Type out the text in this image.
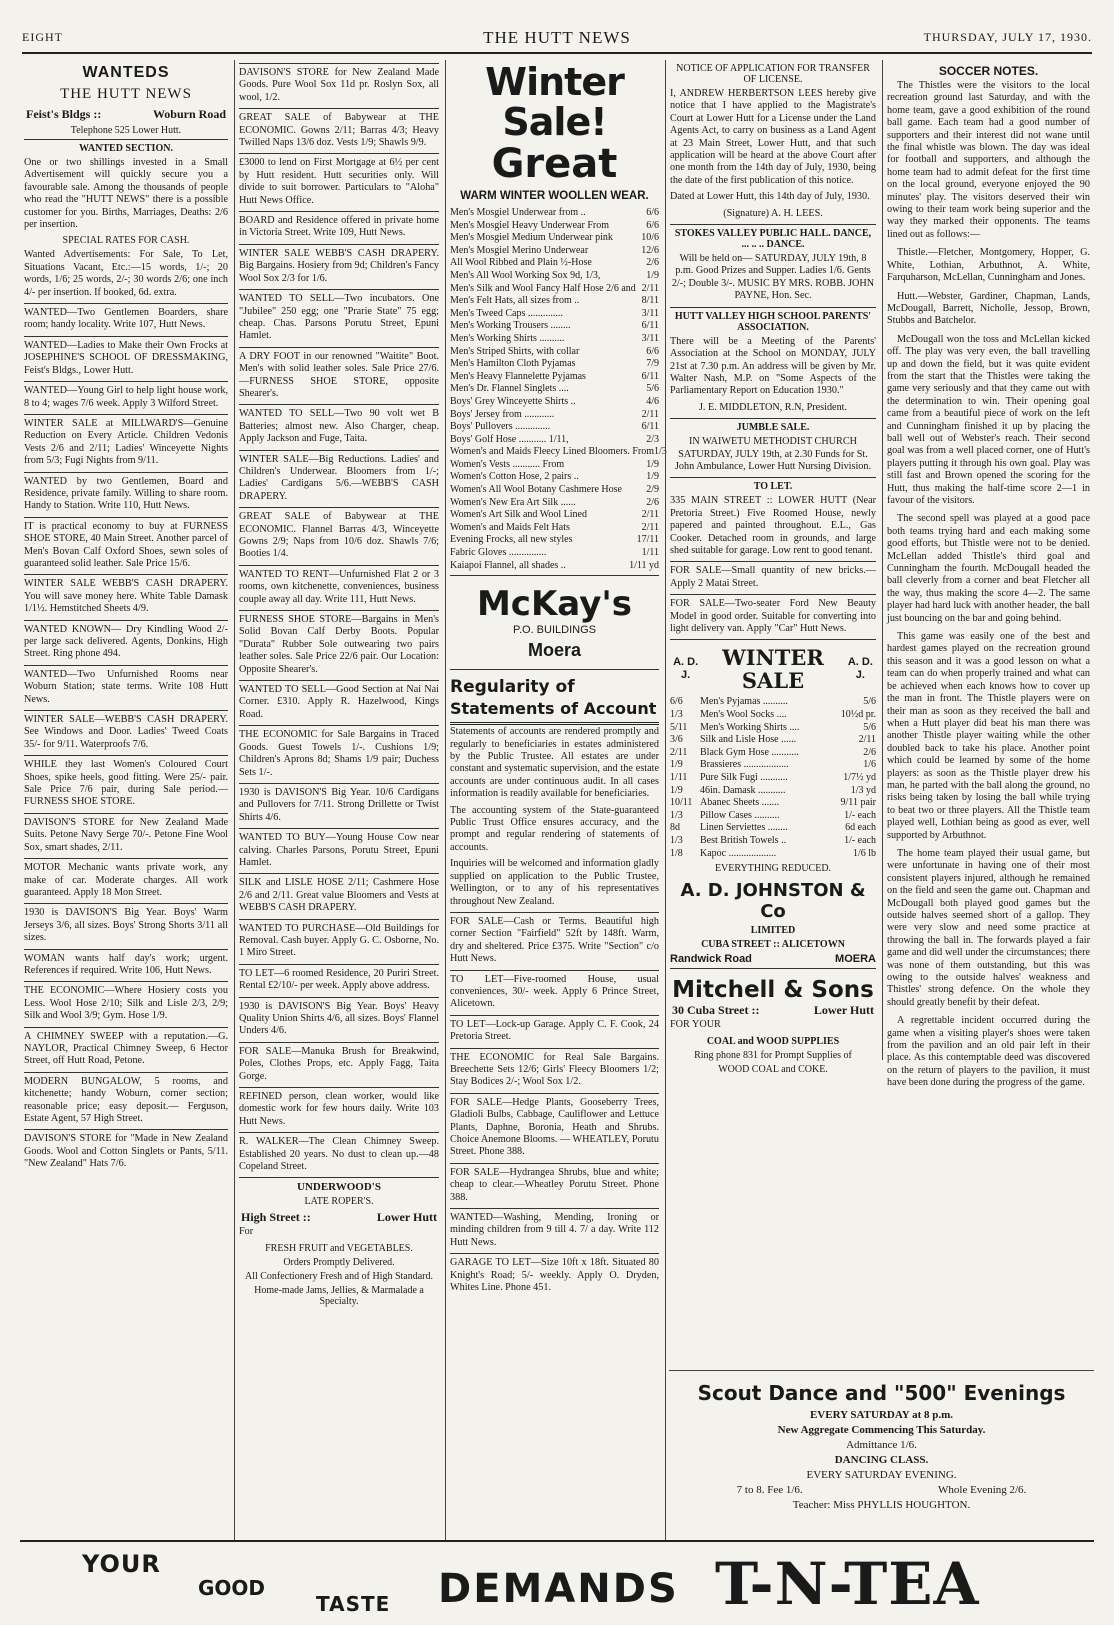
EIGHT	THE HUTT NEWS	THURSDAY, JULY 17, 1930.
WANTEDS
THE HUTT NEWS
Feist's Bldgs ::	Woburn Road
Telephone 525 Lower Hutt.
WANTED SECTION.

One or two shillings invested in a Small Advertisement will quickly secure you a favourable sale. Among the thousands of people who read the "HUTT NEWS" there is a possible customer for you. Births, Marriages, Deaths: 2/6 per insertion.

SPECIAL RATES FOR CASH.

Wanted Advertisements: For Sale, To Let, Situations Vacant, Etc.:—15 words, 1/-; 20 words, 1/6; 25 words, 2/-; 30 words 2/6; one inch 4/- per insertion. If booked, 6d. extra.

WANTED—Two Gentlemen Boarders, share room; handy locality. Write 107, Hutt News.

WANTED—Ladies to Make their Own Frocks at JOSEPHINE'S SCHOOL OF DRESSMAKING, Feist's Bldgs., Lower Hutt.

WANTED—Young Girl to help light house work, 8 to 4; wages 7/6 week. Apply 3 Wilford Street.

WINTER SALE at MILLWARD'S—Genuine Reduction on Every Article. Children Vedonis Vests 2/6 and 2/11; Ladies' Winceyette Nights from 5/3; Fugi Nights from 9/11.

WANTED by two Gentlemen, Board and Residence, private family. Willing to share room. Handy to Station. Write 110, Hutt News.

IT is practical economy to buy at FURNESS SHOE STORE, 40 Main Street. Another parcel of Men's Bovan Calf Oxford Shoes, sewn soles of guaranteed solid leather. Sale Price 15/6.

WINTER SALE WEBB'S CASH DRAPERY. You will save money here. White Table Damask 1/1½. Hemstitched Sheets 4/9.

WANTED KNOWN— Dry Kindling Wood 2/- per large sack delivered. Agents, Donkins, High Street. Ring phone 494.

WANTED—Two Unfurnished Rooms near Woburn Station; state terms. Write 108 Hutt News.

WINTER SALE—WEBB'S CASH DRAPERY. See Windows and Door. Ladies' Tweed Coats 35/- for 9/11. Waterproofs 7/6.

WHILE they last Women's Coloured Court Shoes, spike heels, good fitting. Were 25/- pair. Sale Price 7/6 pair, during Sale period.—FURNESS SHOE STORE.

DAVISON'S STORE for New Zealand Made Suits. Petone Navy Serge 70/-. Petone Fine Wool Sox, smart shades, 2/11.

MOTOR Mechanic wants private work, any make of car. Moderate charges. All work guaranteed. Apply 18 Mon Street.

1930 is DAVISON'S Big Year. Boys' Warm Jerseys 3/6, all sizes. Boys' Strong Shorts 3/11 all sizes.

WOMAN wants half day's work; urgent. References if required. Write 106, Hutt News.

THE ECONOMIC—Where Hosiery costs you Less. Wool Hose 2/10; Silk and Lisle 2/3, 2/9; Silk and Wool 3/9; Gym. Hose 1/9.

A CHIMNEY SWEEP with a reputation.—G. NAYLOR, Practical Chimney Sweep, 6 Hector Street, off Hutt Road, Petone.

MODERN BUNGALOW, 5 rooms, and kitchenette; handy Woburn, corner section; reasonable price; easy deposit.— Ferguson, Estate Agent, 57 High Street.

DAVISON'S STORE for "Made in New Zealand Goods. Wool and Cotton Singlets or Pants, 5/11. "New Zealand" Hats 7/6.

DAVISON'S STORE for New Zealand Made Goods. Pure Wool Sox 11d pr. Roslyn Sox, all wool, 1/2.

GREAT SALE of Babywear at THE ECONOMIC. Gowns 2/11; Barras 4/3; Heavy Twilled Naps 13/6 doz. Vests 1/9; Shawls 9/9.

£3000 to lend on First Mortgage at 6½ per cent by Hutt resident. Hutt securities only. Will divide to suit borrower. Particulars to "Aloha" Hutt News Office.

BOARD and Residence offered in private home in Victoria Street. Write 109, Hutt News.

WINTER SALE WEBB'S CASH DRAPERY. Big Bargains. Hosiery from 9d; Children's Fancy Wool Sox 2/3 for 1/6.

WANTED TO SELL—Two incubators. One "Jubilee" 250 egg; one "Prarie State" 75 egg; cheap. Chas. Parsons Porutu Street, Epuni Hamlet.

A DRY FOOT in our renowned "Waitite" Boot. Men's with solid leather soles. Sale Price 27/6.—FURNESS SHOE STORE, opposite Shearer's.

WANTED TO SELL—Two 90 volt wet B Batteries; almost new. Also Charger, cheap. Apply Jackson and Fuge, Taita.

WINTER SALE—Big Reductions. Ladies' and Children's Underwear. Bloomers from 1/-; Ladies' Cardigans 5/6.—WEBB'S CASH DRAPERY.

GREAT SALE of Babywear at THE ECONOMIC. Flannel Barras 4/3, Winceyette Gowns 2/9; Naps from 10/6 doz. Shawls 7/6; Booties 1/4.

WANTED TO RENT—Unfurnished Flat 2 or 3 rooms, own kitchenette, conveniences, business couple away all day. Write 111, Hutt News.

FURNESS SHOE STORE—Bargains in Men's Solid Bovan Calf Derby Boots. Popular "Durata" Rubber Sole outwearing two pairs leather soles. Sale Price 22/6 pair. Our Location: Opposite Shearer's.

WANTED TO SELL—Good Section at Nai Nai Corner. £310. Apply R. Hazelwood, Kings Road.

THE ECONOMIC for Sale Bargains in Traced Goods. Guest Towels 1/-. Cushions 1/9; Children's Aprons 8d; Shams 1/9 pair; Duchess Sets 1/-.

1930 is DAVISON'S Big Year. 10/6 Cardigans and Pullovers for 7/11. Strong Drillette or Twist Shirts 4/6.

WANTED TO BUY—Young House Cow near calving. Charles Parsons, Porutu Street, Epuni Hamlet.

SILK and LISLE HOSE 2/11; Cashmere Hose 2/6 and 2/11. Great value Bloomers and Vests at WEBB'S CASH DRAPERY.

WANTED TO PURCHASE—Old Buildings for Removal. Cash buyer. Apply G. C. Osborne, No. 1 Miro Street.

TO LET—6 roomed Residence, 20 Puriri Street. Rental £2/10/- per week. Apply above address.

1930 is DAVISON'S Big Year. Boys' Heavy Quality Union Shirts 4/6, all sizes. Boys' Flannel Unders 4/6.

FOR SALE—Manuka Brush for Breakwind, Poles, Clothes Props, etc. Apply Fagg, Taita Gorge.

REFINED person, clean worker, would like domestic work for few hours daily. Write 103 Hutt News.

R. WALKER—The Clean Chimney Sweep. Established 20 years. No dust to clean up.—48 Copeland Street.

UNDERWOOD'S
LATE ROPER'S.
High Street ::	Lower Hutt
For
FRESH FRUIT and VEGETABLES.
Orders Promptly Delivered.
All Confectionery Fresh and of High Standard.
Home-made Jams, Jellies, & Marmalade a Specialty.
Winter Sale!
Great
WARM WINTER WOOLLEN WEAR.
Men's Mosgiel Underwear from ..	6/6
Men's Mosgiel Heavy Underwear From	6/6
Men's Mosgiel Medium Underwear pink	10/6
Men's Mosgiel Merino Underwear	12/6
All Wool Ribbed and Plain ½-Hose	2/6
Men's All Wool Working Sox 9d, 1/3,	1/9
Men's Silk and Wool Fancy Half Hose 2/6 and 2/11
Men's Felt Hats, all sizes from ..	8/11
Men's Tweed Caps ..............	3/11
Men's Working Trousers ........	6/11
Men's Working Shirts ..........	3/11
Men's Striped Shirts, with collar	6/6
Men's Hamilton Cloth Pyjamas	7/9
Men's Heavy Flannelette Pyjamas	6/11
Men's Dr. Flannel Singlets ....	5/6
Boys' Grey Winceyette Shirts ..	4/6
Boys' Jersey from ............	2/11
Boys' Pullovers ..............	6/11
Boys' Golf Hose ........... 1/11,	2/3
Women's and Maids Fleecy Lined Bloomers. From 1/3
Women's Vests ........... From	1/9
Women's Cotton Hose, 2 pairs ..	1/9
Women's All Wool Botany Cashmere Hose 2/9
Women's New Era Art Silk ......	2/6
Women's Art Silk and Wool Lined	2/11
Women's and Maids Felt Hats	2/11
Evening Frocks, all new styles	17/11
Fabric Gloves ...............	1/11
Kaiapoi Flannel, all shades ..	1/11 yd
McKay's
P.O. BUILDINGS
Moera
Regularity of
Statements of Account

Statements of accounts are rendered promptly and regularly to beneficiaries in estates administered by the Public Trustee. All estates are under constant and systematic supervision, and the estate accounts are under continuous audit. In all cases information is readily available for beneficiaries.

The accounting system of the State-guaranteed Public Trust Office ensures accuracy, and the prompt and regular rendering of statements of accounts.

Inquiries will be welcomed and information gladly supplied on application to the Public Trustee, Wellington, or to any of his representatives throughout New Zealand.

FOR SALE—Cash or Terms. Beautiful high corner Section "Fairfield" 52ft by 148ft. Warm, dry and sheltered. Price £375. Write "Section" c/o Hutt News.

TO LET—Five-roomed House, usual conveniences, 30/- week. Apply 6 Prince Street, Alicetown.

TO LET—Lock-up Garage. Apply C. F. Cook, 24 Pretoria Street.

THE ECONOMIC for Real Sale Bargains. Breechette Sets 12/6; Girls' Fleecy Bloomers 1/2; Stay Bodices 2/-; Wool Sox 1/2.

FOR SALE—Hedge Plants, Gooseberry Trees, Gladioli Bulbs, Cabbage, Cauliflower and Lettuce Plants, Daphne, Boronia, Heath and Shrubs. Choice Anemone Blooms. — WHEATLEY, Porutu Street. Phone 388.

FOR SALE—Hydrangea Shrubs, blue and white; cheap to clear.—Wheatley Porutu Street. Phone 388.

WANTED—Washing, Mending, Ironing or minding children from 9 till 4. 7/ a day. Write 112 Hutt News.

GARAGE TO LET—Size 10ft x 18ft. Situated 80 Knight's Road; 5/- weekly. Apply O. Dryden, Whites Line. Phone 451.

NOTICE OF APPLICATION FOR TRANSFER OF LICENSE.

I, ANDREW HERBERTSON LEES hereby give notice that I have applied to the Magistrate's Court at Lower Hutt for a License under the Land Agents Act, to carry on business as a Land Agent at 23 Main Street, Lower Hutt, and that such application will be heard at the above Court after one month from the 14th day of July, 1930, being the date of the first publication of this notice.

Dated at Lower Hutt, this 14th day of July, 1930.

(Signature) A. H. LEES.

STOKES VALLEY PUBLIC HALL. DANCE, ... .. .. DANCE.

Will be held on— SATURDAY, JULY 19th, 8 p.m. Good Prizes and Supper. Ladies 1/6. Gents 2/-; Double 3/-. MUSIC BY MRS. ROBB. JOHN PAYNE, Hon. Sec.

HUTT VALLEY HIGH SCHOOL PARENTS' ASSOCIATION.

There will be a Meeting of the Parents' Association at the School on MONDAY, JULY 21st at 7.30 p.m. An address will be given by Mr. Walter Nash, M.P. on "Some Aspects of the Parliamentary Report on Education 1930."

J. E. MIDDLETON, R.N, President.

JUMBLE SALE.

IN WAIWETU METHODIST CHURCH SATURDAY, JULY 19th, at 2.30 Funds for St. John Ambulance, Lower Hutt Nursing Division.

TO LET.

335 MAIN STREET :: LOWER HUTT (Near Pretoria Street.) Five Roomed House, newly papered and painted throughout. E.L., Gas Cooker. Detached room in grounds, and large shed suitable for garage. Low rent to good tenant.

FOR SALE—Small quantity of new bricks.—Apply 2 Matai Street.

FOR SALE—Two-seater Ford New Beauty Model in good order. Suitable for converting into light delivery van. Apply "Car" Hutt News.

A. D. J.
WINTER SALE
A. D. J.
6/6	Men's Pyjamas ..........	5/6
1/3	Men's Wool Socks ....	10½d pr.
5/11	Men's Working Shirts ....	5/6
3/6	Silk and Lisle Hose ......	2/11
2/11	Black Gym Hose ...........	2/6
1/9	Brassieres ..................	1/6
1/11	Pure Silk Fugi ...........	1/7½ yd
1/9	46in. Damask ...........	1/3 yd
10/11 Abanec Sheets .......	9/11 pair
1/3	Pillow Cases ..........	1/- each
8d	Linen Serviettes ........	6d each
1/3	Best British Towels ..	1/- each
1/8	Kapoc ...................	1/6 lb
EVERYTHING REDUCED.
A. D. JOHNSTON & Co
LIMITED
CUBA STREET :: ALICETOWN
Randwick Road	MOERA
Mitchell & Sons
30 Cuba Street ::	Lower Hutt
FOR YOUR
COAL and WOOD SUPPLIES
Ring phone 831 for Prompt Supplies of
WOOD COAL and COKE.
SOCCER NOTES.

The Thistles were the visitors to the local recreation ground last Saturday, and with the home team, gave a good exhibition of the round ball game. Each team had a good number of supporters and their interest did not wane until the final whistle was blown. The day was ideal for football and supporters, and although the home team had to admit defeat for the first time on the local ground, everyone enjoyed the 90 minutes' play. The visitors deserved their win owing to their team work being superior and the way they marked their opponents. The teams lined out as follows:—

Thistle.—Fletcher, Montgomery, Hopper, G. White, Lothian, Arbuthnot, A. White, Farquharson, McLellan, Cunningham and Jones.

Hutt.—Webster, Gardiner, Chapman, Lands, McDougall, Barrett, Nicholle, Jessop, Brown, Stubbs and Batchelor.

McDougall won the toss and McLellan kicked off. The play was very even, the ball travelling up and down the field, but it was quite evident from the start that the Thistles were taking the game very seriously and that they came out with the determination to win. Their opening goal came from a beautiful piece of work on the left and Cunningham finished it up by placing the ball well out of Webster's reach. Their second goal was from a well placed corner, one of Hutt's players putting it through his own goal. Play was still fast and Brown opened the scoring for the Hutt, thus making the half-time score 2—1 in favour of the visitors.

The second spell was played at a good pace both teams trying hard and each making some good efforts, but Thistle were not to be denied. McLellan added Thistle's third goal and Cunningham the fourth. McDougall headed the ball cleverly from a corner and beat Fletcher all the way, thus making the score 4—2. The same player had hard luck with another header, the ball just bouncing on the bar and going behind.

This game was easily one of the best and hardest games played on the recreation ground this season and it was a good lesson on what a team can do when properly trained and what can be achieved when each knows how to cover up the man in front. The Thistle players were on their man as soon as they received the ball and when a Hutt player did beat his man there was another Thistle player waiting while the other doubled back to take his place. Another point which could be learned by some of the home players: as soon as the Thistle player drew his man, he parted with the ball along the ground, no risks being taken by losing the ball while trying to beat two or three players. All the Thistle team played well, Lothian being as good as ever, well supported by Arbuthnot.

The home team played their usual game, but were unfortunate in having one of their most consistent players injured, although he remained on the field and seen the game out. Chapman and McDougall both played good games but the outside halves seemed short of a gallop. They were very slow and need some practice at throwing the ball in. The forwards played a fair game and did well under the circumstances; there was none of them outstanding, but this was owing to the outside halves' weakness and Thistles' strong defence. On the whole they should greatly benefit by their defeat.

A regrettable incident occurred during the game when a visiting player's shoes were taken from the pavilion and an old pair left in their place. As this contemptable deed was discovered on the return of players to the pavilion, it must have been done during the progress of the game.

Scout Dance and "500" Evenings
EVERY SATURDAY at 8 p.m.
New Aggregate Commencing This Saturday.
Admittance 1/6.
DANCING CLASS.
EVERY SATURDAY EVENING.
7 to 8. Fee 1/6.	Whole Evening 2/6.
Teacher: Miss PHYLLIS HOUGHTON.
YOUR
GOOD
TASTE DEMANDS T-N-TEA
